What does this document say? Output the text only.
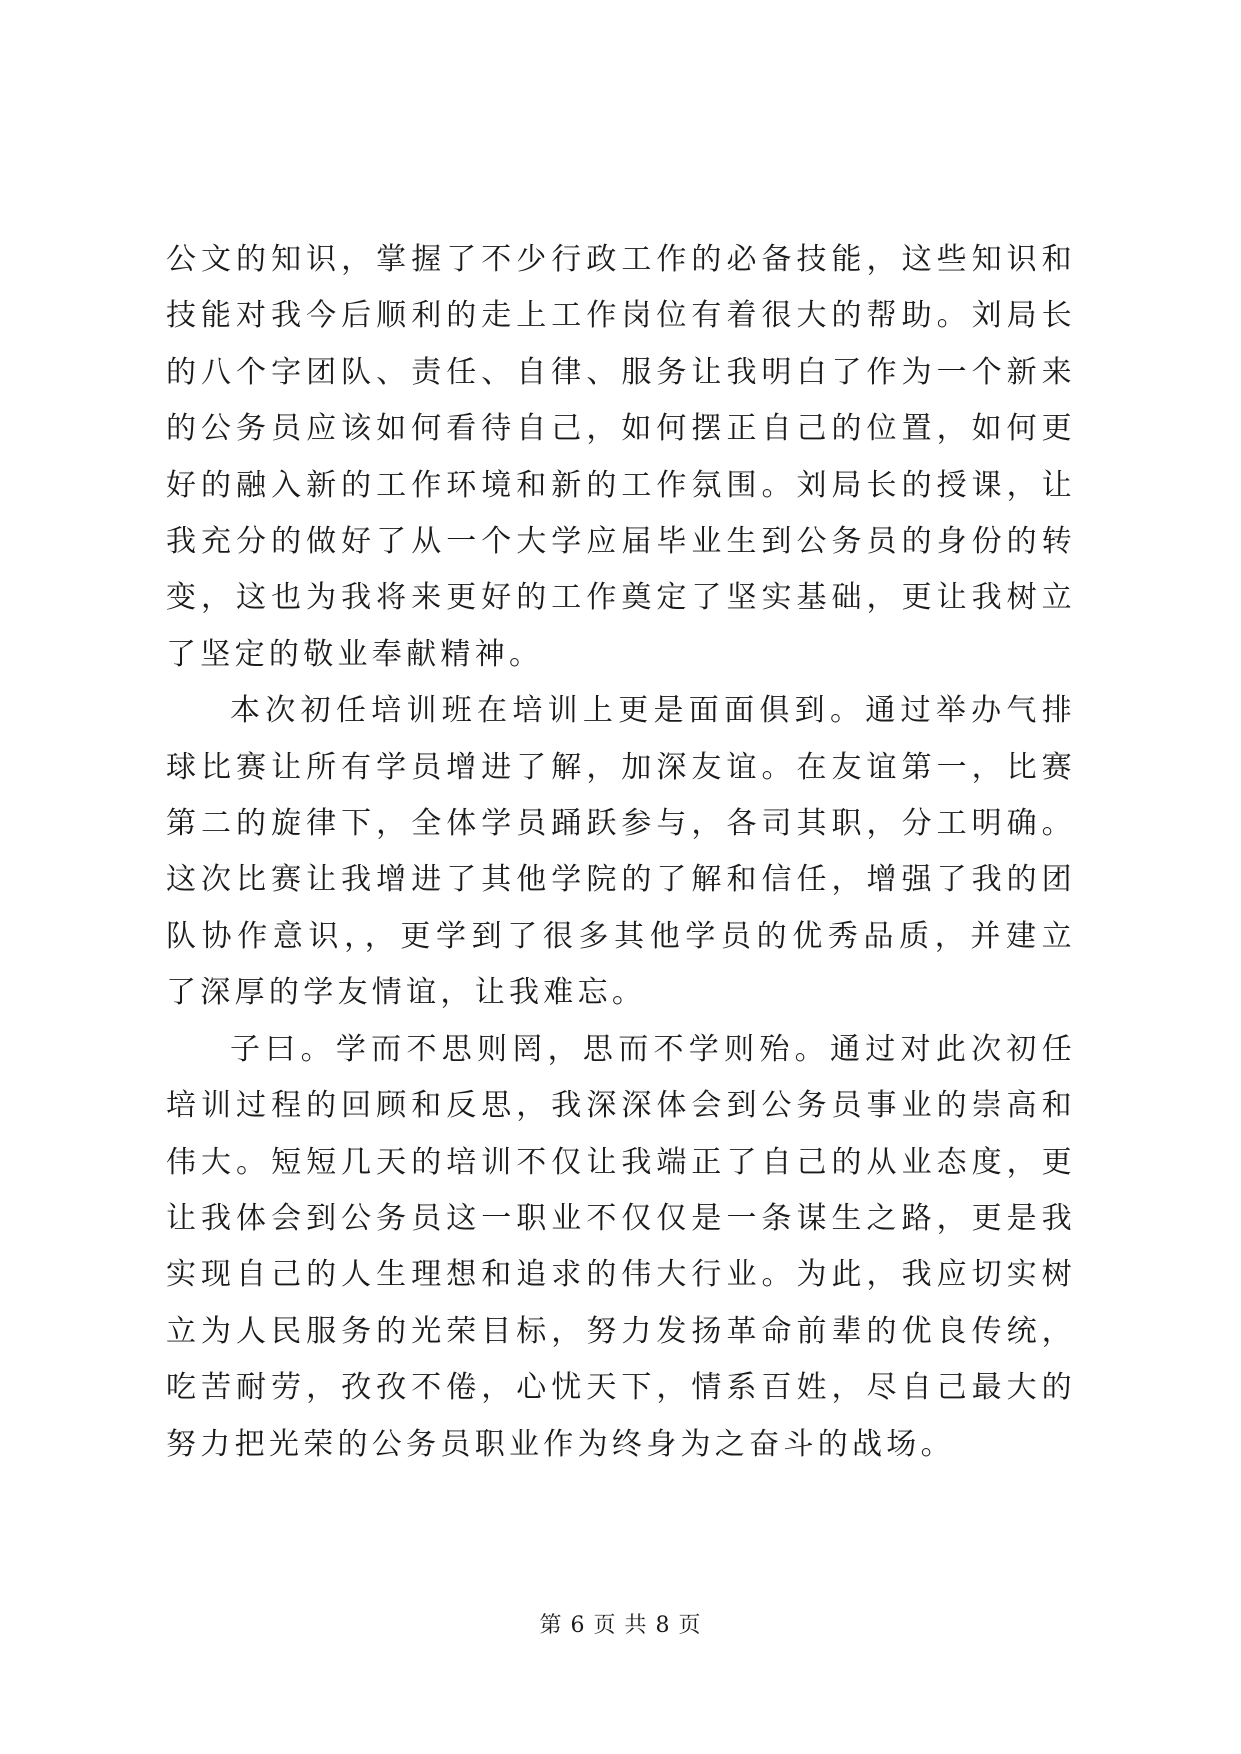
公文的知识，掌握了不少行政工作的必备技能，这些知识和技能对我今后顺利的走上工作岗位有着很大的帮助。刘局长的八个字团队、责任、自律、服务让我明白了作为一个新来的公务员应该如何看待自己，如何摆正自己的位置，如何更好的融入新的工作环境和新的工作氛围。刘局长的授课，让我充分的做好了从一个大学应届毕业生到公务员的身份的转变，这也为我将来更好的工作奠定了坚实基础，更让我树立了坚定的敬业奉献精神。

本次初任培训班在培训上更是面面俱到。通过举办气排球比赛让所有学员增进了解，加深友谊。在友谊第一，比赛第二的旋律下，全体学员踊跃参与，各司其职，分工明确。这次比赛让我增进了其他学院的了解和信任，增强了我的团队协作意识，，更学到了很多其他学员的优秀品质，并建立了深厚的学友情谊，让我难忘。

子曰。学而不思则罔，思而不学则殆。通过对此次初任培训过程的回顾和反思，我深深体会到公务员事业的崇高和伟大。短短几天的培训不仅让我端正了自己的从业态度，更让我体会到公务员这一职业不仅仅是一条谋生之路，更是我实现自己的人生理想和追求的伟大行业。为此，我应切实树立为人民服务的光荣目标，努力发扬革命前辈的优良传统，吃苦耐劳，孜孜不倦，心忧天下，情系百姓，尽自己最大的努力把光荣的公务员职业作为终身为之奋斗的战场。

第 6 页 共 8 页
